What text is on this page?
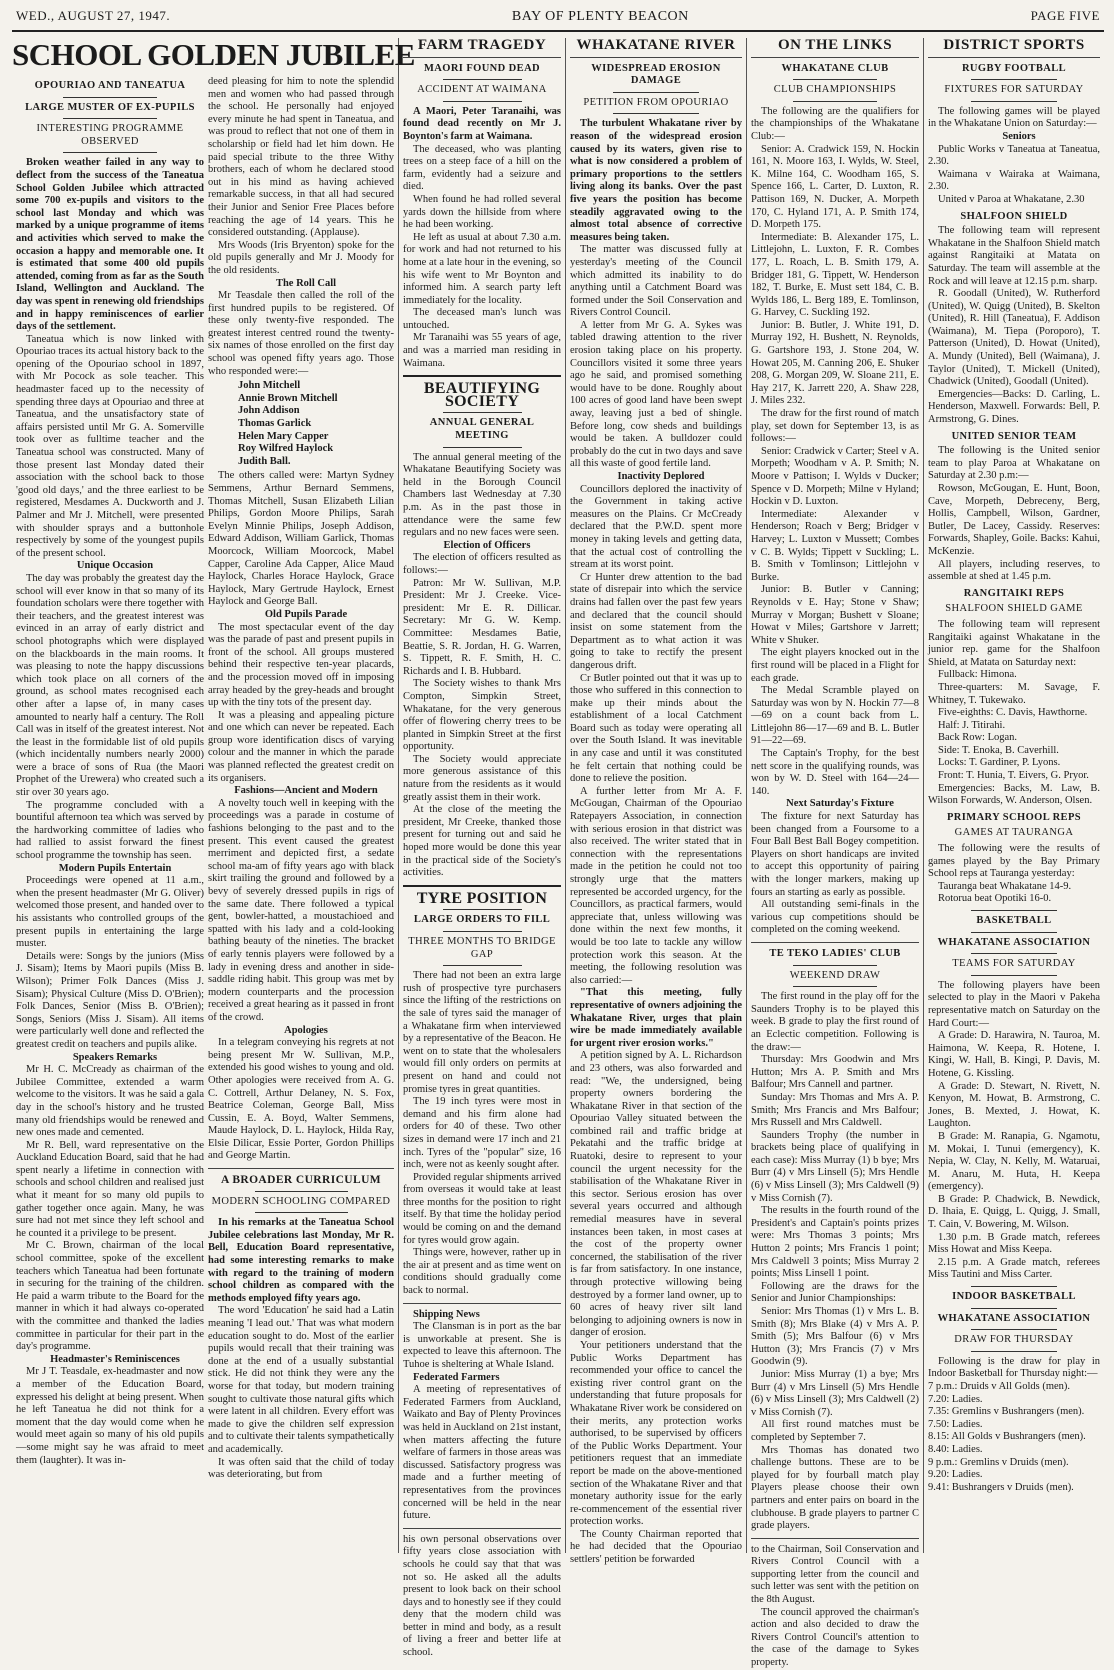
WED., AUGUST 27, 1947.	BAY OF PLENTY BEACON	PAGE FIVE
SCHOOL GOLDEN JUBILEE
OPOURIAO AND TANEATUA
LARGE MUSTER OF EX-PUPILS
INTERESTING PROGRAMME OBSERVED

Broken weather failed in any way to deflect from the success of the Taneatua School Golden Jubilee which attracted some 700 ex-pupils and visitors to the school last Monday and which was marked by a unique programme of items and activities which served to make the occasion a happy and memorable one. It is estimated that some 400 old pupils attended, coming from as far as the South Island, Wellington and Auckland. The day was spent in renewing old friendships and in happy reminiscences of earlier days of the settlement.

Taneatua which is now linked with Opouriao traces its actual history back to the opening of the Opouriao school in 1897, with Mr Pocock as sole teacher. This headmaster faced up to the necessity of spending three days at Opouriao and three at Taneatua, and the unsatisfactory state of affairs persisted until Mr G. A. Somerville took over as fulltime teacher and the Taneatua school was constructed. Many of those present last Monday dated their association with the school back to those 'good old days,' and the three earliest to be registered, Mesdames A. Duckworth and J. Palmer and Mr J. Mitchell, were presented with shoulder sprays and a buttonhole respectively by some of the youngest pupils of the present school.

Unique Occasion

The day was probably the greatest day the school will ever know in that so many of its foundation scholars were there together with their teachers, and the greatest interest was evinced in an array of early district and school photographs which were displayed on the blackboards in the main rooms. It was pleasing to note the happy discussions which took place on all corners of the ground, as school mates recognised each other after a lapse of, in many cases amounted to nearly half a century. The Roll Call was in itself of the greatest interest. Not the least in the formidable list of old pupils (which incidentally numbers nearly 2000) were a brace of sons of Rua (the Maori Prophet of the Urewera) who created such a stir over 30 years ago.

The programme concluded with a bountiful afternoon tea which was served by the hardworking committee of ladies who had rallied to assist forward the finest school programme the township has seen.

Modern Pupils Entertain

Proceedings were opened at 11 a.m., when the present headmaster (Mr G. Oliver) welcomed those present, and handed over to his assistants who controlled groups of the present pupils in entertaining the large muster.

Details were: Songs by the juniors (Miss J. Sisam); Items by Maori pupils (Miss B. Wilson); Primer Folk Dances (Miss J. Sisam); Physical Culture (Miss D. O'Brien); Folk Dances, Senior (Miss B. O'Brien); Songs, Seniors (Miss J. Sisam). All items were particularly well done and reflected the greatest credit on teachers and pupils alike.

Speakers Remarks

Mr H. C. McCready as chairman of the Jubilee Committee, extended a warm welcome to the visitors. It was he said a gala day in the school's history and he trusted many old friendships would be renewed and new ones made and cemented.

Mr R. Bell, ward representative on the Auckland Education Board, said that he had spent nearly a lifetime in connection with schools and school children and realised just what it meant for so many old pupils to gather together once again. Many, he was sure had not met since they left school and he counted it a privilege to be present.

Mr C. Brown, chairman of the local school committee, spoke of the excellent teachers which Taneatua had been fortunate in securing for the training of the children. He paid a warm tribute to the Board for the manner in which it had always co-operated with the committee and thanked the ladies committee in particular for their part in the day's programme.

Headmaster's Reminiscences

Mr J T. Teasdale, ex-headmaster and now a member of the Education Board, expressed his delight at being present. When he left Taneatua he did not think for a moment that the day would come when he would meet again so many of his old pupils —some might say he was afraid to meet them (laughter). It was in-

deed pleasing for him to note the splendid men and women who had passed through the school. He personally had enjoyed every minute he had spent in Taneatua, and was proud to reflect that not one of them in scholarship or field had let him down. He paid special tribute to the three Withy brothers, each of whom he declared stood out in his mind as having achieved remarkable success, in that all had secured their Junior and Senior Free Places before reaching the age of 14 years. This he considered outstanding. (Applause).

Mrs Woods (Iris Bryenton) spoke for the old pupils generally and Mr J. Moody for the old residents.

The Roll Call

Mr Teasdale then called the roll of the first hundred pupils to be registered. Of these only twenty-five responded. The greatest interest centred round the twenty-six names of those enrolled on the first day school was opened fifty years ago. Those who responded were:—

John Mitchell
Annie Brown Mitchell
John Addison
Thomas Garlick
Helen Mary Capper
Roy Wilfred Haylock
Judith Ball.

The others called were: Martyn Sydney Semmens, Arthur Bernard Semmens, Thomas Mitchell, Susan Elizabeth Lilian Philips, Gordon Moore Philips, Sarah Evelyn Minnie Philips, Joseph Addison, Edward Addison, William Garlick, Thomas Moorcock, William Moorcock, Mabel Capper, Caroline Ada Capper, Alice Maud Haylock, Charles Horace Haylock, Grace Haylock, Mary Gertrude Haylock, Ernest Haylock and George Ball.

Old Pupils Parade

The most spectacular event of the day was the parade of past and present pupils in front of the school. All groups mustered behind their respective ten-year placards, and the procession moved off in imposing array headed by the grey-heads and brought up with the tiny tots of the present day.

It was a pleasing and appealing picture and one which can never be repeated. Each group wore identification discs of varying colour and the manner in which the parade was planned reflected the greatest credit on its organisers.

Fashions—Ancient and Modern

A novelty touch well in keeping with the proceedings was a parade in costume of fashions belonging to the past and to the present. This event caused the greatest merriment and depicted first, a sedate school ma-am of fifty years ago with black skirt trailing the ground and followed by a bevy of severely dressed pupils in rigs of the same date. There followed a typical gent, bowler-hatted, a moustachioed and spatted with his lady and a cold-looking bathing beauty of the nineties. The bracket of early tennis players were followed by a lady in evening dress and another in side-saddle riding habit. This group was met by modern counterparts and the procession received a great hearing as it passed in front of the crowd.

Apologies

In a telegram conveying his regrets at not being present Mr W. Sullivan, M.P., extended his good wishes to young and old. Other apologies were received from A. G. C. Cottrell, Arthur Delaney, N. S. Fox, Beatrice Coleman, George Ball, Miss Cussin, E. A. Boyd, Walter Semmens, Maude Haylock, D. L. Haylock, Hilda Ray, Elsie Dilicar, Essie Porter, Gordon Phillips and George Martin.

A BROADER CURRICULUM
MODERN SCHOOLING COMPARED

In his remarks at the Taneatua School Jubilee celebrations last Monday, Mr R. Bell, Education Board representative, had some interesting remarks to make with regard to the training of modern school children as compared with the methods employed fifty years ago.

The word 'Education' he said had a Latin meaning 'I lead out.' That was what modern education sought to do. Most of the earlier pupils would recall that their training was done at the end of a usually substantial stick. He did not think they were any the worse for that today, but modern training sought to cultivate those natural gifts which were latent in all children. Every effort was made to give the children self expression and to cultivate their talents sympathetically and academically.

It was often said that the child of today was deteriorating, but from

FARM TRAGEDY
MAORI FOUND DEAD
ACCIDENT AT WAIMANA

A Maori, Peter Taranaihi, was found dead recently on Mr J. Boynton's farm at Waimana.

The deceased, who was planting trees on a steep face of a hill on the farm, evidently had a seizure and died.

When found he had rolled several yards down the hillside from where he had been working.

He left as usual at about 7.30 a.m. for work and had not returned to his home at a late hour in the evening, so his wife went to Mr Boynton and informed him. A search party left immediately for the locality.

The deceased man's lunch was untouched.

Mr Taranaihi was 55 years of age, and was a married man residing in Waimana.

BEAUTIFYING SOCIETY
ANNUAL GENERAL MEETING

The annual general meeting of the Whakatane Beautifying Society was held in the Borough Council Chambers last Wednesday at 7.30 p.m. As in the past those in attendance were the same few regulars and no new faces were seen.

Election of Officers

The election of officers resulted as follows:—

Patron: Mr W. Sullivan, M.P. President: Mr J. Creeke. Vice-president: Mr E. R. Dillicar. Secretary: Mr G. W. Kemp. Committee: Mesdames Batie, Beattie, S. R. Jordan, H. G. Warren, S. Tippett, R. F. Smith, H. C. Richards and I. B. Hubbard.

The Society wishes to thank Mrs Compton, Simpkin Street, Whakatane, for the very generous offer of flowering cherry trees to be planted in Simpkin Street at the first opportunity.

The Society would appreciate more generous assistance of this nature from the residents as it would greatly assist them in their work.

At the close of the meeting the president, Mr Creeke, thanked those present for turning out and said he hoped more would be done this year in the practical side of the Society's activities.

TYRE POSITION
LARGE ORDERS TO FILL
THREE MONTHS TO BRIDGE GAP

There had not been an extra large rush of prospective tyre purchasers since the lifting of the restrictions on the sale of tyres said the manager of a Whakatane firm when interviewed by a representative of the Beacon. He went on to state that the wholesalers would fill only orders on permits at present on hand and could not promise tyres in great quantities.

The 19 inch tyres were most in demand and his firm alone had orders for 40 of these. Two other sizes in demand were 17 inch and 21 inch. Tyres of the "popular" size, 16 inch, were not as keenly sought after.

Provided regular shipments arrived from overseas it would take at least three months for the position to right itself. By that time the holiday period would be coming on and the demand for tyres would grow again.

Things were, however, rather up in the air at present and as time went on conditions should gradually come back to normal.

Shipping News

The Clansman is in port as the bar is unworkable at present. She is expected to leave this afternoon. The Tuhoe is sheltering at Whale Island.

Federated Farmers

A meeting of representatives of Federated Farmers from Auckland, Waikato and Bay of Plenty Provinces was held in Auckland on 21st instant, when matters affecting the future welfare of farmers in those areas was discussed. Satisfactory progress was made and a further meeting of representatives from the provinces concerned will be held in the near future.

his own personal observations over fifty years close association with schools he could say that that was not so. He asked all the adults present to look back on their school days and to honestly see if they could deny that the modern child was better in mind and body, as a result of living a freer and better life at school.

WHAKATANE RIVER
WIDESPREAD EROSION DAMAGE
PETITION FROM OPOURIAO

The turbulent Whakatane river by reason of the widespread erosion caused by its waters, given rise to what is now considered a problem of primary proportions to the settlers living along its banks. Over the past five years the position has become steadily aggravated owing to the almost total absence of corrective measures being taken.

The matter was discussed fully at yesterday's meeting of the Council which admitted its inability to do anything until a Catchment Board was formed under the Soil Conservation and Rivers Control Council.

A letter from Mr G. A. Sykes was tabled drawing attention to the river erosion taking place on his property. Councillors visited it some three years ago he said, and promised something would have to be done. Roughly about 100 acres of good land have been swept away, leaving just a bed of shingle. Before long, cow sheds and buildings would be taken. A bulldozer could probably do the cut in two days and save all this waste of good fertile land.

Inactivity Deplored

Councillors deplored the inactivity of the Government in taking active measures on the Plains. Cr McCready declared that the P.W.D. spent more money in taking levels and getting data, that the actual cost of controlling the stream at its worst point.

Cr Hunter drew attention to the bad state of disrepair into which the service drains had fallen over the past few years and declared that the council should insist on some statement from the Department as to what action it was going to take to rectify the present dangerous drift.

Cr Butler pointed out that it was up to those who suffered in this connection to make up their minds about the establishment of a local Catchment Board such as today were operating all over the South Island. It was inevitable in any case and until it was constituted he felt certain that nothing could be done to relieve the position.

A further letter from Mr A. F. McGougan, Chairman of the Opouriao Ratepayers Association, in connection with serious erosion in that district was also received. The writer stated that in connection with the representations made in the petition he could not too strongly urge that the matters represented be accorded urgency, for the Councillors, as practical farmers, would appreciate that, unless willowing was done within the next few months, it would be too late to tackle any willow protection work this season. At the meeting, the following resolution was also carried:—

"That this meeting, fully representative of owners adjoining the Whakatane River, urges that plain wire be made immediately available for urgent river erosion works."

A petition signed by A. L. Richardson and 23 others, was also forwarded and read: "We, the undersigned, being property owners bordering the Whakatane River in that section of the Opouriao Valley situated between the combined rail and traffic bridge at Pekatahi and the traffic bridge at Ruatoki, desire to represent to your council the urgent necessity for the stabilisation of the Whakatane River in this sector. Serious erosion has over several years occurred and although remedial measures have in several instances been taken, in most cases at the cost of the property owner concerned, the stabilisation of the river is far from satisfactory. In one instance, through protective willowing being destroyed by a former land owner, up to 60 acres of heavy river silt land belonging to adjoining owners is now in danger of erosion.

Your petitioners understand that the Public Works Department has recommended your office to cancel the existing river control grant on the understanding that future proposals for Whakatane River work be considered on their merits, any protection works authorised, to be supervised by officers of the Public Works Department. Your petitioners request that an immediate report be made on the above-mentioned section of the Whakatane River and that monetary authority issue for the early re-commencement of the essential river protection works.

The County Chairman reported that he had decided that the Opouriao settlers' petition be forwarded

ON THE LINKS
WHAKATANE CLUB
CLUB CHAMPIONSHIPS

The following are the qualifiers for the championships of the Whakatane Club:—

Senior: A. Cradwick 159, N. Hockin 161, N. Moore 163, I. Wylds, W. Steel, K. Milne 164, C. Woodham 165, S. Spence 166, L. Carter, D. Luxton, R. Pattison 169, N. Ducker, A. Morpeth 170, C. Hyland 171, A. P. Smith 174, D. Morpeth 175.

Intermediate: B. Alexander 175, L. Littlejohn, L. Luxton, F. R. Combes 177, L. Roach, L. B. Smith 179, A. Bridger 181, G. Tippett, W. Henderson 182, T. Burke, E. Must sett 184, C. B. Wylds 186, L. Berg 189, E. Tomlinson, G. Harvey, C. Suckling 192.

Junior: B. Butler, J. White 191, D. Murray 192, H. Bushett, N. Reynolds, G. Gartshore 193, J. Stone 204, W. Howat 205, M. Canning 206, E. Shuker 208, G. Morgan 209, W. Sloane 211, E. Hay 217, K. Jarrett 220, A. Shaw 228, J. Miles 232.

The draw for the first round of match play, set down for September 13, is as follows:—

Senior: Cradwick v Carter; Steel v A. Morpeth; Woodham v A. P. Smith; N. Moore v Pattison; I. Wylds v Ducker; Spence v D. Morpeth; Milne v Hyland; Hockin v D. Luxton.

Intermediate: Alexander v Henderson; Roach v Berg; Bridger v Harvey; L. Luxton v Mussett; Combes v C. B. Wylds; Tippett v Suckling; L. B. Smith v Tomlinson; Littlejohn v Burke.

Junior: B. Butler v Canning; Reynolds v E. Hay; Stone v Shaw; Murray v Morgan; Bushett v Sloane; Howat v Miles; Gartshore v Jarrett; White v Shuker.

The eight players knocked out in the first round will be placed in a Flight for each grade.

The Medal Scramble played on Saturday was won by N. Hockin 77—8—69 on a count back from L. Littlejohn 86—17—69 and B. L. Butler 91—22—69.

The Captain's Trophy, for the best nett score in the qualifying rounds, was won by W. D. Steel with 164—24—140.

Next Saturday's Fixture

The fixture for next Saturday has been changed from a Foursome to a Four Ball Best Ball Bogey competition. Players on short handicaps are invited to accept this opportunity of pairing with the longer markers, making up fours an starting as early as possible.

All outstanding semi-finals in the various cup competitions should be completed on the coming weekend.

TE TEKO LADIES' CLUB
WEEKEND DRAW

The first round in the play off for the Saunders Trophy is to be played this week. B grade to play the first round of an Eclectic competition. Following is the draw:—

Thursday: Mrs Goodwin and Mrs Hutton; Mrs A. P. Smith and Mrs Balfour; Mrs Cannell and partner.

Sunday: Mrs Thomas and Mrs A. P. Smith; Mrs Francis and Mrs Balfour; Mrs Russell and Mrs Caldwell.

Saunders Trophy (the number in brackets being place of qualifying in each case): Miss Murray (1) b bye; Mrs Burr (4) v Mrs Linsell (5); Mrs Hendle (6) v Miss Linsell (3); Mrs Caldwell (9) v Miss Cornish (7).

The results in the fourth round of the President's and Captain's points prizes were: Mrs Thomas 3 points; Mrs Hutton 2 points; Mrs Francis 1 point; Mrs Caldwell 3 points; Miss Murray 2 points; Miss Linsell 1 point.

Following are the draws for the Senior and Junior Championships:

Senior: Mrs Thomas (1) v Mrs L. B. Smith (8); Mrs Blake (4) v Mrs A. P. Smith (5); Mrs Balfour (6) v Mrs Hutton (3); Mrs Francis (7) v Mrs Goodwin (9).

Junior: Miss Murray (1) a bye; Mrs Burr (4) v Mrs Linsell (5) Mrs Hendle (6) v Miss Linsell (3); Mrs Caldwell (2) v Miss Cornish (7).

All first round matches must be completed by September 7.

Mrs Thomas has donated two challenge buttons. These are to be played for by fourball match play Players please choose their own partners and enter pairs on board in the clubhouse. B grade players to partner C grade players.

to the Chairman, Soil Conservation and Rivers Control Council with a supporting letter from the council and such letter was sent with the petition on the 8th August.

The council approved the chairman's action and also decided to draw the Rivers Control Council's attention to the case of the damage to Sykes property.

DISTRICT SPORTS
RUGBY FOOTBALL
FIXTURES FOR SATURDAY

The following games will be played in the Whakatane Union on Saturday:—

Seniors

Public Works v Taneatua at Taneatua, 2.30.

Waimana v Wairaka at Waimana, 2.30.

United v Paroa at Whakatane, 2.30

SHALFOON SHIELD

The following team will represent Whakatane in the Shalfoon Shield match against Rangitaiki at Matata on Saturday. The team will assemble at the Rock and will leave at 12.15 p.m. sharp.

R. Goodall (United), W. Rutherford (United), W. Quigg (United), B. Skelton (United), R. Hill (Taneatua), F. Addison (Waimana), M. Tiepa (Poroporo), T. Patterson (United), D. Howat (United), A. Mundy (United), Bell (Waimana), J. Taylor (United), T. Mickell (United), Chadwick (United), Goodall (United).

Emergencies—Backs: D. Carling, L. Henderson, Maxwell. Forwards: Bell, P. Armstrong, G. Dines.

UNITED SENIOR TEAM

The following is the United senior team to play Paroa at Whakatane on Saturday at 2.30 p.m:—

Rowson, McGougan, E. Hunt, Boon, Cave, Morpeth, Debreceny, Berg, Hollis, Campbell, Wilson, Gardner, Butler, De Lacey, Cassidy. Reserves: Forwards, Shapley, Goile. Backs: Kahui, McKenzie.

All players, including reserves, to assemble at shed at 1.45 p.m.

RANGITAIKI REPS
SHALFOON SHIELD GAME

The following team will represent Rangitaiki against Whakatane in the junior rep. game for the Shalfoon Shield, at Matata on Saturday next:

Fullback: Himona.

Three-quarters: M. Savage, F. Whitney, T. Tukewako.

Five-eighths: C. Davis, Hawthorne.

Half: J. Titirahi.

Back Row: Logan.

Side: T. Enoka, B. Caverhill.

Locks: T. Gardiner, P. Lyons.

Front: T. Hunia, T. Eivers, G. Pryor.

Emergencies: Backs, M. Law, B. Wilson Forwards, W. Anderson, Olsen.

PRIMARY SCHOOL REPS
GAMES AT TAURANGA

The following were the results of games played by the Bay Primary School reps at Tauranga yesterday:

Tauranga beat Whakatane 14-9.

Rotorua beat Opotiki 16-0.

BASKETBALL
WHAKATANE ASSOCIATION
TEAMS FOR SATURDAY

The following players have been selected to play in the Maori v Pakeha representative match on Saturday on the Hard Court:—

A Grade: D. Harawira, N. Tauroa, M. Haimona, W. Keepa, R. Hotene, I. Kingi, W. Hall, B. Kingi, P. Davis, M. Hotene, G. Kissling.

A Grade: D. Stewart, N. Rivett, N. Kenyon, M. Howat, B. Armstrong, C. Jones, B. Mexted, J. Howat, K. Laughton.

B Grade: M. Ranapia, G. Ngamotu, M. Mokai, I. Tunui (emergency), K. Nepia, W. Clay, N. Kelly, M. Wataruai, M. Anaru, M. Huta, H. Keepa (emergency).

B Grade: P. Chadwick, B. Newdick, D. Ihaia, E. Quigg, L. Quigg, J. Small, T. Cain, V. Bowering, M. Wilson.

1.30 p.m. B Grade match, referees Miss Howat and Miss Keepa.

2.15 p.m. A Grade match, referees Miss Tautini and Miss Carter.

INDOOR BASKETBALL
WHAKATANE ASSOCIATION
DRAW FOR THURSDAY

Following is the draw for play in Indoor Basketball for Thursday night:—

7 p.m.: Druids v All Golds (men).
7.20: Ladies.
7.35: Gremlins v Bushrangers (men).
7.50: Ladies.
8.15: All Golds v Bushrangers (men).
8.40: Ladies.
9 p.m.: Gremlins v Druids (men).
9.20: Ladies.
9.41: Bushrangers v Druids (men).
